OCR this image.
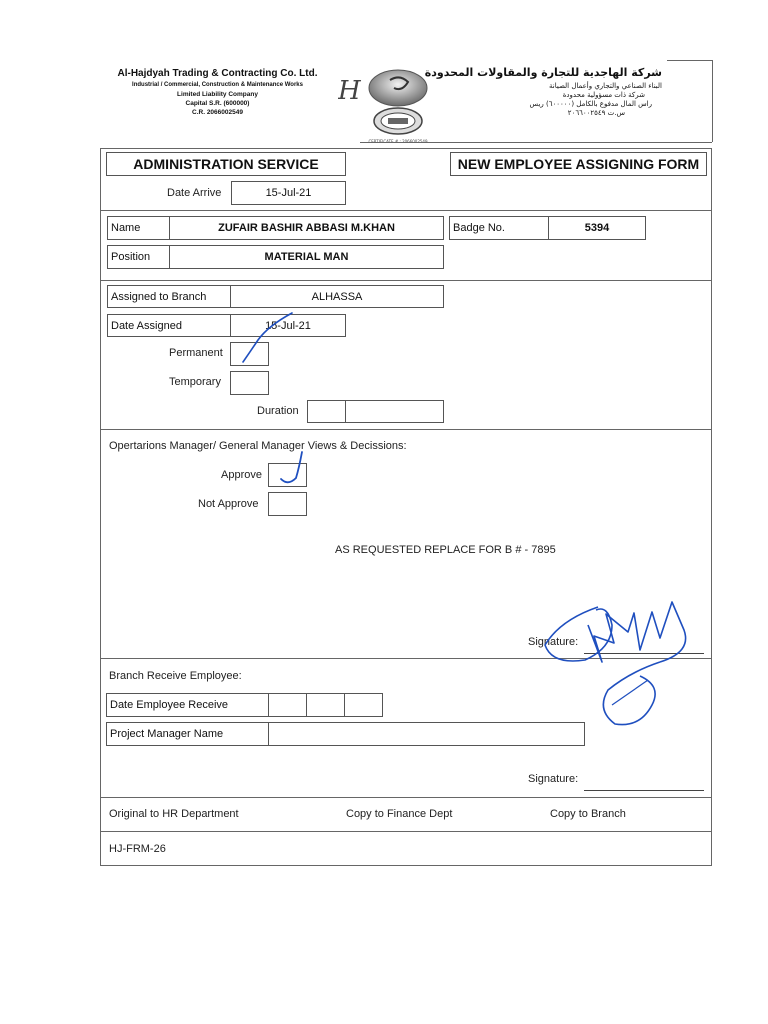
Al-Hajdyah Trading & Contracting Co. Ltd.
Industrial / Commercial, Construction & Maintenance Works
Limited Liability Company
Capital S.R. (600000)
C.R. 2066002549
شركة الهاجدية للتجارة والمقاولات المحدودة
البناء الصناعي والتجاري وأعمال الصيانة
شركة ذات مسؤولية محدودة
راس المال مدفوع بالكامل (٦٠٠٠٠٠) ريس
س.ت ٢٠٦٦٠٠٢٥٤٩
H
CERTIFICATE # : 2066002549
ADMINISTRATION SERVICE	NEW EMPLOYEE ASSIGNING FORM
Date Arrive	15-Jul-21
Name	ZUFAIR BASHIR ABBASI M.KHAN	Badge No.	5394
Position	MATERIAL MAN
Assigned to Branch	ALHASSA
Date Assigned	15-Jul-21
Permanent
Temporary
Duration
Opertarions Manager/ General Manager Views & Decissions:
Approve
Not Approve
AS REQUESTED REPLACE FOR B # - 7895
Signature:
Branch Receive Employee:
Date Employee Receive
Project Manager Name
Signature:
Original to HR Department	Copy to Finance Dept	Copy to Branch
HJ-FRM-26
